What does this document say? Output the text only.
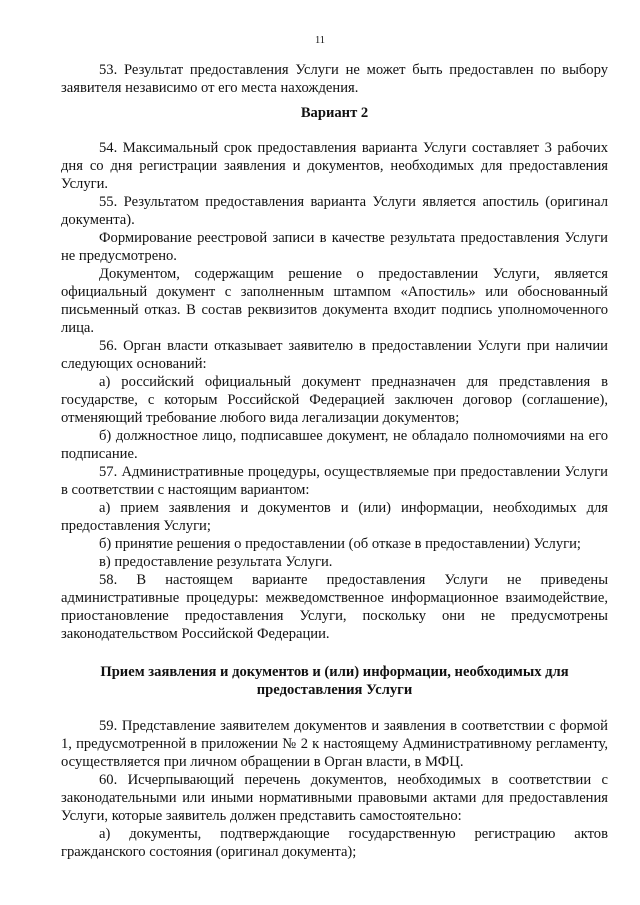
11

53. Результат предоставления Услуги не может быть предоставлен по выбору заявителя независимо от его места нахождения.

Вариант 2

54. Максимальный срок предоставления варианта Услуги составляет 3 рабочих дня со дня регистрации заявления и документов, необходимых для предоставления Услуги.

55. Результатом предоставления варианта Услуги является апостиль (оригинал документа).

Формирование реестровой записи в качестве результата предоставления Услуги не предусмотрено.

Документом, содержащим решение о предоставлении Услуги, является официальный документ с заполненным штампом «Апостиль» или обоснованный письменный отказ. В состав реквизитов документа входит подпись уполномоченного лица.

56. Орган власти отказывает заявителю в предоставлении Услуги при наличии следующих оснований:

а) российский официальный документ предназначен для представления в государстве, с которым Российской Федерацией заключен договор (соглашение), отменяющий требование любого вида легализации документов;

б) должностное лицо, подписавшее документ, не обладало полномочиями на его подписание.

57. Административные процедуры, осуществляемые при предоставлении Услуги в соответствии с настоящим вариантом:

а) прием заявления и документов и (или) информации, необходимых для предоставления Услуги;

б) принятие решения о предоставлении (об отказе в предоставлении) Услуги;

в) предоставление результата Услуги.

58. В настоящем варианте предоставления Услуги не приведены административные процедуры: межведомственное информационное взаимодействие, приостановление предоставления Услуги, поскольку они не предусмотрены законодательством Российской Федерации.

Прием заявления и документов и (или) информации, необходимых для предоставления Услуги

59. Представление заявителем документов и заявления в соответствии с формой 1, предусмотренной в приложении № 2 к настоящему Административному регламенту, осуществляется при личном обращении в Орган власти, в МФЦ.

60. Исчерпывающий перечень документов, необходимых в соответствии с законодательными или иными нормативными правовыми актами для предоставления Услуги, которые заявитель должен представить самостоятельно:

а) документы, подтверждающие государственную регистрацию актов гражданского состояния (оригинал документа);
